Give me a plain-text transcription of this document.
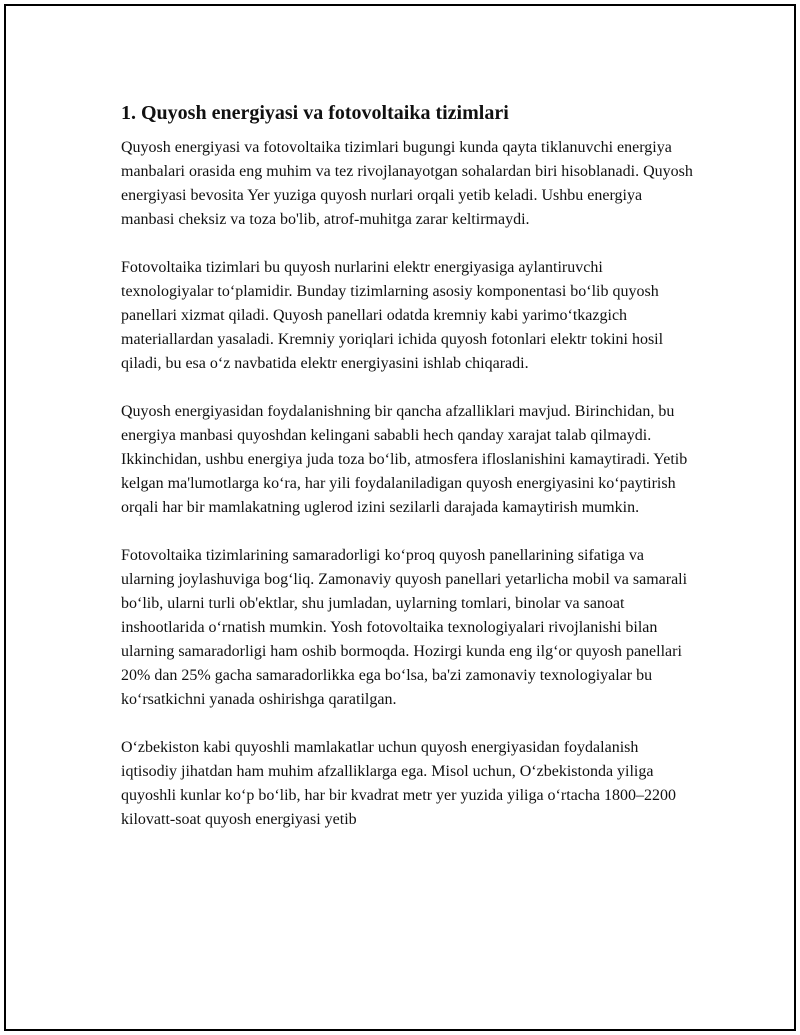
1. Quyosh energiyasi va fotovoltaika tizimlari

Quyosh energiyasi va fotovoltaika tizimlari bugungi kunda qayta tiklanuvchi energiya manbalari orasida eng muhim va tez rivojlanayotgan sohalardan biri hisoblanadi. Quyosh energiyasi bevosita Yer yuziga quyosh nurlari orqali yetib keladi. Ushbu energiya manbasi cheksiz va toza bo'lib, atrof-muhitga zarar keltirmaydi.

Fotovoltaika tizimlari bu quyosh nurlarini elektr energiyasiga aylantiruvchi texnologiyalar to‘plamidir. Bunday tizimlarning asosiy komponentasi bo‘lib quyosh panellari xizmat qiladi. Quyosh panellari odatda kremniy kabi yarimo‘tkazgich materiallardan yasaladi. Kremniy yoriqlari ichida quyosh fotonlari elektr tokini hosil qiladi, bu esa o‘z navbatida elektr energiyasini ishlab chiqaradi.

Quyosh energiyasidan foydalanishning bir qancha afzalliklari mavjud. Birinchidan, bu energiya manbasi quyoshdan kelingani sababli hech qanday xarajat talab qilmaydi. Ikkinchidan, ushbu energiya juda toza bo‘lib, atmosfera ifloslanishini kamaytiradi. Yetib kelgan ma'lumotlarga ko‘ra, har yili foydalaniladigan quyosh energiyasini ko‘paytirish orqali har bir mamlakatning uglerod izini sezilarli darajada kamaytirish mumkin.

Fotovoltaika tizimlarining samaradorligi ko‘proq quyosh panellarining sifatiga va ularning joylashuviga bog‘liq. Zamonaviy quyosh panellari yetarlicha mobil va samarali bo‘lib, ularni turli ob'ektlar, shu jumladan, uylarning tomlari, binolar va sanoat inshootlarida o‘rnatish mumkin. Yosh fotovoltaika texnologiyalari rivojlanishi bilan ularning samaradorligi ham oshib bormoqda. Hozirgi kunda eng ilg‘or quyosh panellari 20% dan 25% gacha samaradorlikka ega bo‘lsa, ba'zi zamonaviy texnologiyalar bu ko‘rsatkichni yanada oshirishga qaratilgan.

O‘zbekiston kabi quyoshli mamlakatlar uchun quyosh energiyasidan foydalanish iqtisodiy jihatdan ham muhim afzalliklarga ega. Misol uchun, O‘zbekistonda yiliga quyoshli kunlar ko‘p bo‘lib, har bir kvadrat metr yer yuzida yiliga o‘rtacha 1800–2200 kilovatt-soat quyosh energiyasi yetib
